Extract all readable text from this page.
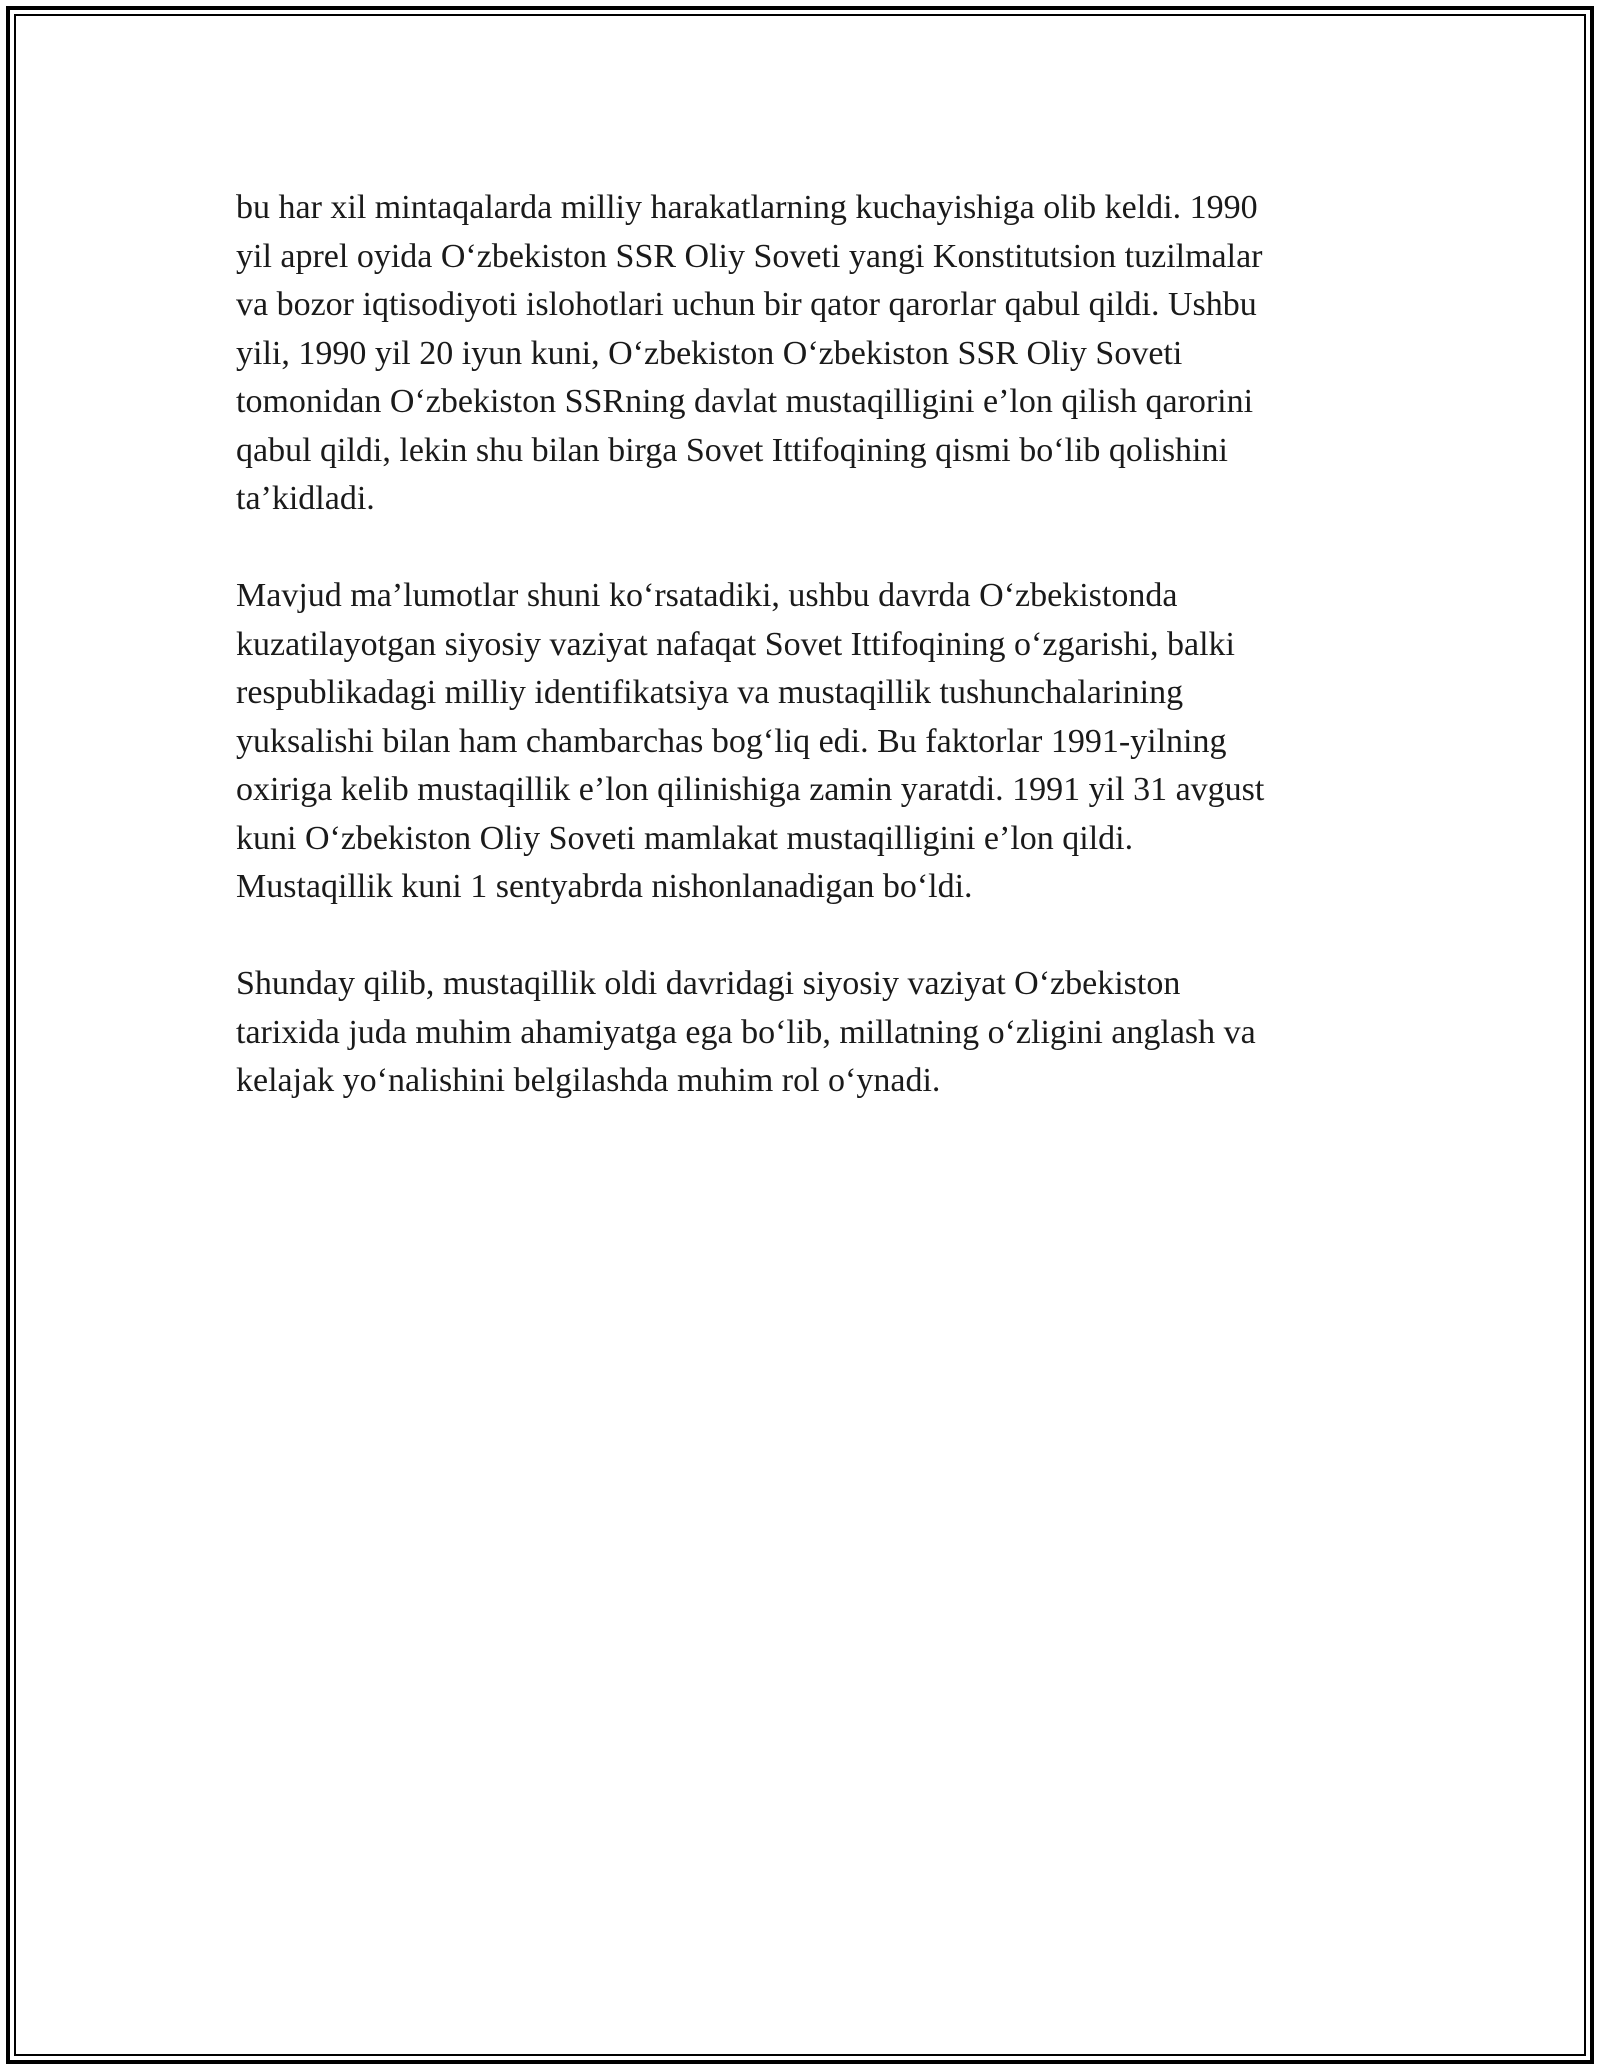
bu har xil mintaqalarda milliy harakatlarning kuchayishiga olib keldi. 1990
yil aprel oyida O‘zbekiston SSR Oliy Soveti yangi Konstitutsion tuzilmalar
va bozor iqtisodiyoti islohotlari uchun bir qator qarorlar qabul qildi. Ushbu
yili, 1990 yil 20 iyun kuni, O‘zbekiston O‘zbekiston SSR Oliy Soveti
tomonidan O‘zbekiston SSRning davlat mustaqilligini e’lon qilish qarorini
qabul qildi, lekin shu bilan birga Sovet Ittifoqining qismi bo‘lib qolishini
ta’kidladi.

Mavjud ma’lumotlar shuni ko‘rsatadiki, ushbu davrda O‘zbekistonda
kuzatilayotgan siyosiy vaziyat nafaqat Sovet Ittifoqining o‘zgarishi, balki
respublikadagi milliy identifikatsiya va mustaqillik tushunchalarining
yuksalishi bilan ham chambarchas bog‘liq edi. Bu faktorlar 1991-yilning
oxiriga kelib mustaqillik e’lon qilinishiga zamin yaratdi. 1991 yil 31 avgust
kuni O‘zbekiston Oliy Soveti mamlakat mustaqilligini e’lon qildi.
Mustaqillik kuni 1 sentyabrda nishonlanadigan bo‘ldi.

Shunday qilib, mustaqillik oldi davridagi siyosiy vaziyat O‘zbekiston
tarixida juda muhim ahamiyatga ega bo‘lib, millatning o‘zligini anglash va
kelajak yo‘nalishini belgilashda muhim rol o‘ynadi.
